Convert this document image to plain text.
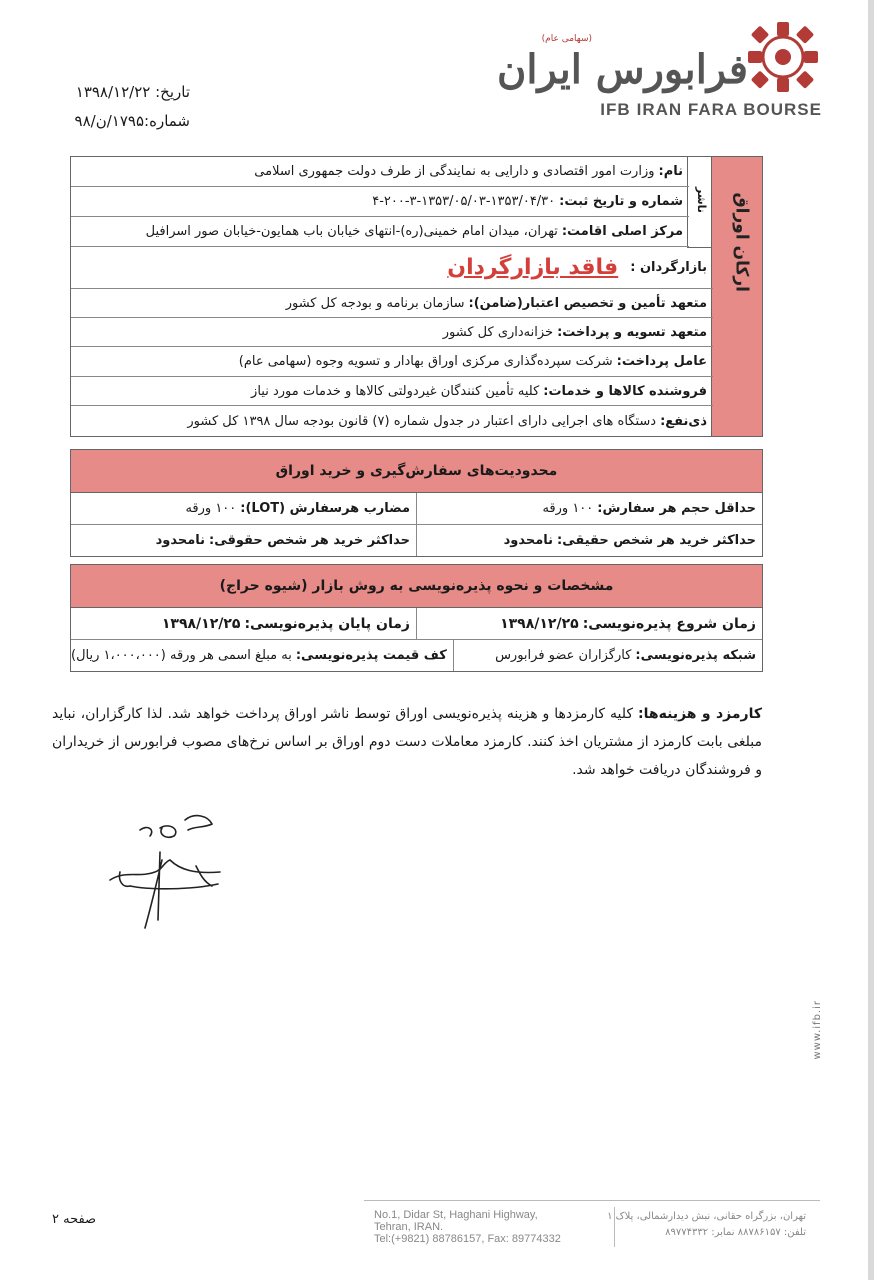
(سهامی عام)
فرابورس ایران
IFB IRAN FARA BOURSE
تاریخ: ۱۳۹۸/۱۲/۲۲
شماره:۱۷۹۵/ن/۹۸
ارکان اوراق
ناشر
نام:
وزارت امور اقتصادی و دارایی به نمایندگی از طرف دولت جمهوری اسلامی
شماره و تاریخ ثبت:
۴-۲۰۰-۳-۱۳۵۳/۰۵/۰۳-۱۳۵۳/۰۴/۳۰
مرکز اصلی اقامت:
تهران، میدان امام خمینی(ره)-انتهای خیابان باب همایون-خیابان صور اسرافیل
بازارگردان :
فاقد بازارگردان
متعهد تأمین و تخصیص اعتبار(ضامن):
سازمان برنامه و بودجه کل کشور
متعهد تسویه و پرداخت:
خزانه‌داری کل کشور
عامل پرداخت:
شرکت سپرده‌گذاری مرکزی اوراق بهادار و تسویه وجوه (سهامی عام)
فروشنده کالاها و خدمات:
کلیه تأمین کنندگان غیردولتی کالاها و خدمات مورد نیاز
ذی‌نفع:
دستگاه های اجرایی دارای اعتبار در جدول شماره (۷) قانون بودجه سال ۱۳۹۸ کل کشور
محدودیت‌های سفارش‌گیری و خرید اوراق
حداقل حجم هر سفارش:
۱۰۰ ورقه
مضارب هرسفارش (LOT):
۱۰۰ ورقه
حداکثر خرید هر شخص حقیقی:
نامحدود
حداکثر خرید هر شخص حقوقی:
نامحدود
مشخصات و نحوه پذیره‌نویسی به روش بازار (شیوه حراج)
زمان شروع پذیره‌نویسی:
۱۳۹۸/۱۲/۲۵
زمان پایان پذیره‌نویسی:
۱۳۹۸/۱۲/۲۵
شبکه پذیره‌نویسی:
کارگزاران عضو فرابورس
کف قیمت پذیره‌نویسی:
به مبلغ اسمی هر ورقه (۱،۰۰۰،۰۰۰ ریال)
کارمزد و هزینه‌ها: کلیه کارمزدها و هزینه پذیره‌نویسی اوراق توسط ناشر اوراق پرداخت خواهد شد. لذا کارگزاران، نباید مبلغی بابت کارمزد از مشتریان اخذ کنند. کارمزد معاملات دست دوم اوراق بر اساس نرخ‌های مصوب فرابورس از خریداران و فروشندگان دریافت خواهد شد.
www.ifb.ir
صفحه ۲	No.1, Didar St, Haghani Highway,
Tehran, IRAN.
Tel:(+9821) 88786157, Fax: 89774332
تهران، بزرگراه حقانی، نبش دیدارشمالی، پلاک ۱
تلفن: ۸۸۷۸۶۱۵۷ نمابر: ۸۹۷۷۴۳۳۲
